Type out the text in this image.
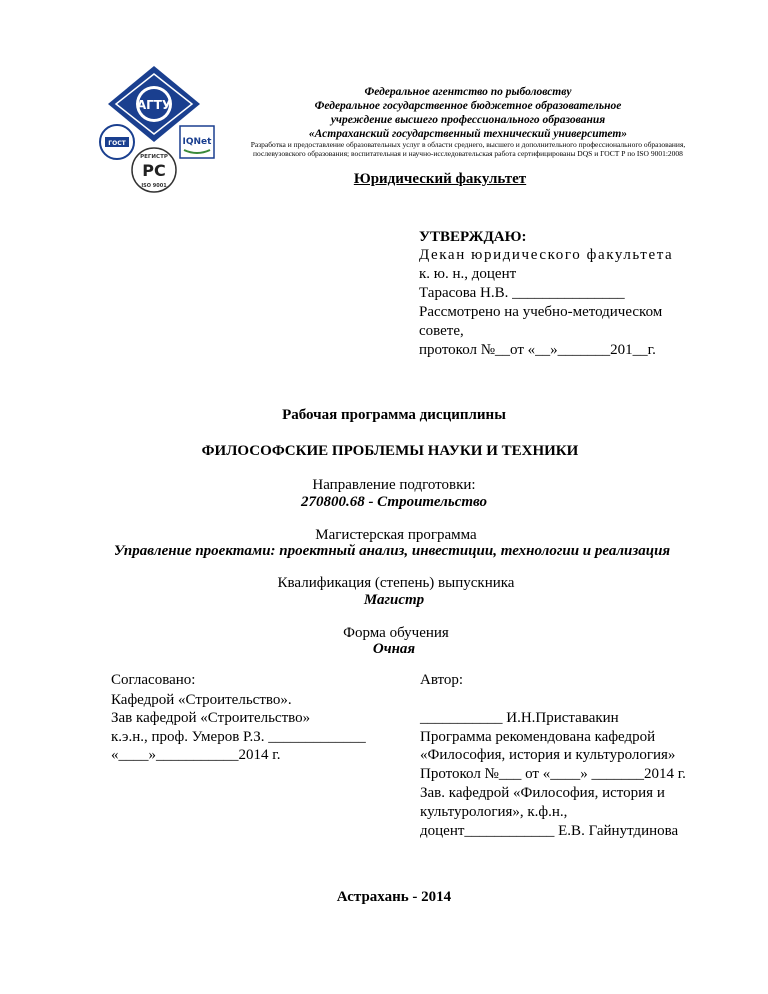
АГТУ
ГОСТ	IQNet
РЕГИСТР
РС
ISO 9001
Федеральное агентство по рыболовству
Федеральное государственное бюджетное образовательное
учреждение высшего профессионального образования
«Астраханский государственный технический университет»
Разработка и предоставление образовательных услуг в области среднего, высшего и дополнительного профессионального образования,
послевузовского образования; воспитательная и научно-исследовательская работа сертифицированы DQS и ГОСТ Р по ISO 9001:2008
Юридический факультет
УТВЕРЖДАЮ:
Декан юридического факультета
к. ю. н., доцент
Тарасова Н.В. _______________
Рассмотрено на учебно-методическом
совете,
протокол №__от «__»_______201__г.
Рабочая программа дисциплины
ФИЛОСОФСКИЕ ПРОБЛЕМЫ НАУКИ И ТЕХНИКИ
Направление подготовки:
270800.68 - Строительство
Магистерская программа
Управление проектами: проектный анализ, инвестиции, технологии и реализация
Квалификация (степень) выпускника
Магистр
Форма обучения
Очная
Согласовано:
Кафедрой «Строительство».
Зав кафедрой «Строительство»
к.э.н., проф. Умеров Р.З. _____________
«____»___________2014 г.
Автор:
___________ И.Н.Приставакин
Программа рекомендована кафедрой
«Философия, история и культурология»
Протокол №___ от «____» _______2014 г.
Зав. кафедрой «Философия, история и
культурология», к.ф.н.,
доцент____________ Е.В. Гайнутдинова
Астрахань - 2014
